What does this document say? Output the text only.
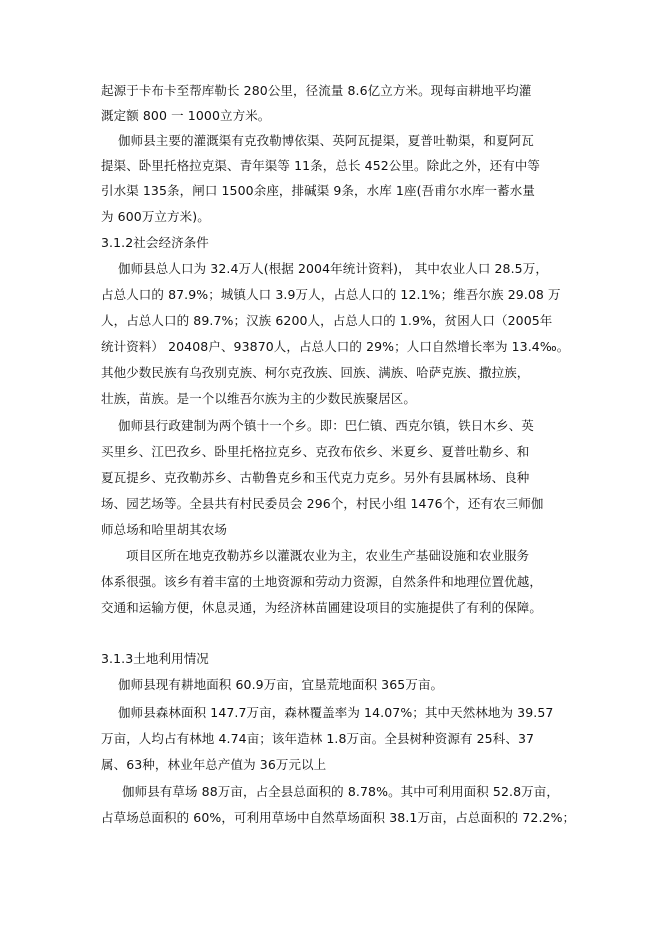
起源于卡布卡至帮库勒长 280公里，径流量 8.6亿立方米。现每亩耕地平均灌
溉定额 800 一 1000立方米。
伽师县主要的灌溉渠有克孜勒博依渠、英阿瓦提渠，夏普吐勒渠，和夏阿瓦
提渠、卧里托格拉克渠、青年渠等 11条，总长 452公里。除此之外，还有中等
引水渠 135条，闸口 1500余座，排碱渠 9条，水库 1座(吾甫尔水库一蓄水量
为 600万立方米)。
3.1.2社会经济条件
伽师县总人口为 32.4万人(根据 2004年统计资料)， 其中农业人口 28.5万，
占总人口的 87.9%；城镇人口 3.9万人，占总人口的 12.1%；维吾尔族 29.08 万
人，占总人口的 89.7%；汉族 6200人，占总人口的 1.9%，贫困人口（2005年
统计资料） 20408户、93870人，占总人口的 29%；人口自然增长率为 13.4‰。
其他少数民族有乌孜别克族、柯尔克孜族、回族、满族、哈萨克族、撒拉族，
壮族，苗族。是一个以维吾尔族为主的少数民族聚居区。
伽师县行政建制为两个镇十一个乡。即：巴仁镇、西克尔镇，铁日木乡、英
买里乡、江巴孜乡、卧里托格拉克乡、克孜布依乡、米夏乡、夏普吐勒乡、和
夏瓦提乡、克孜勒苏乡、古勒鲁克乡和玉代克力克乡。另外有县属林场、良种
场、园艺场等。全县共有村民委员会 296个，村民小组 1476个，还有农三师伽
师总场和哈里胡其农场
项目区所在地克孜勒苏乡以灌溉农业为主，农业生产基础设施和农业服务
体系很强。该乡有着丰富的土地资源和劳动力资源，自然条件和地理位置优越，
交通和运输方便，休息灵通，为经济林苗圃建设项目的实施提供了有利的保障。
3.1.3土地利用情况
伽师县现有耕地面积 60.9万亩，宜垦荒地面积 365万亩。
伽师县森林面积 147.7万亩，森林覆盖率为 14.07%；其中天然林地为 39.57
万亩，人均占有林地 4.74亩；该年造林 1.8万亩。全县树种资源有 25科、37
属、63种，林业年总产值为 36万元以上
伽师县有草场 88万亩，占全县总面积的 8.78%。其中可利用面积 52.8万亩，
占草场总面积的 60%，可利用草场中自然草场面积 38.1万亩，占总面积的 72.2%；
